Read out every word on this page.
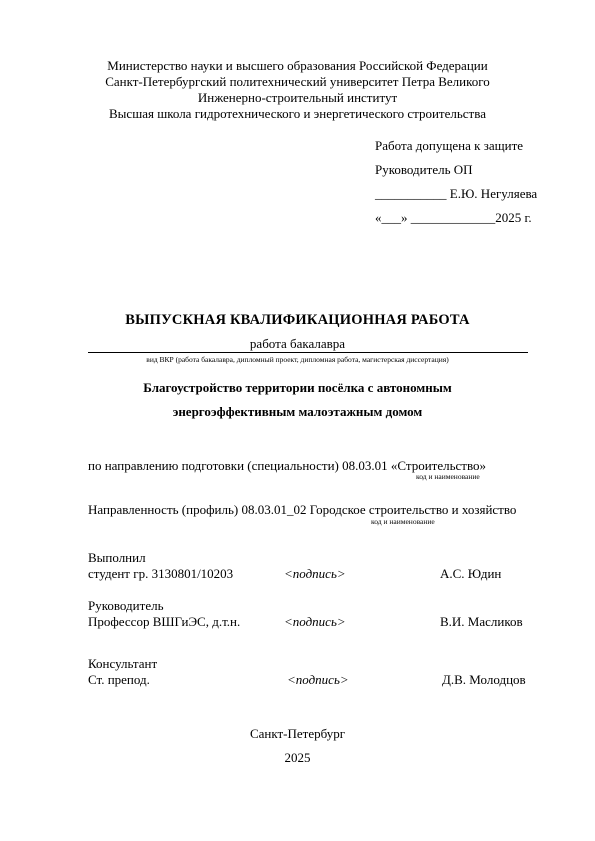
Министерство науки и высшего образования Российской Федерации
Санкт-Петербургский политехнический университет Петра Великого
Инженерно-строительный институт
Высшая школа гидротехнического и энергетического строительства
Работа допущена к защите
Руководитель ОП
___________ Е.Ю. Негуляева
«___» _____________2025 г.
ВЫПУСКНАЯ КВАЛИФИКАЦИОННАЯ РАБОТА
работа бакалавра
вид ВКР (работа бакалавра, дипломный проект, дипломная работа, магистерская диссертация)
Благоустройство территории посёлка с автономным
энергоэффективным малоэтажным домом
по направлению подготовки (специальности) 08.03.01 «Строительство»
код и наименование
Направленность (профиль) 08.03.01_02 Городское строительство и хозяйство
код и наименование
Выполнил
студент гр. 3130801/10203	<подпись>	А.С. Юдин
Руководитель
Профессор ВШГиЭС, д.т.н.	<подпись>	В.И. Масликов
Консультант
Ст. препод.	<подпись>	Д.В. Молодцов
Санкт-Петербург
2025
